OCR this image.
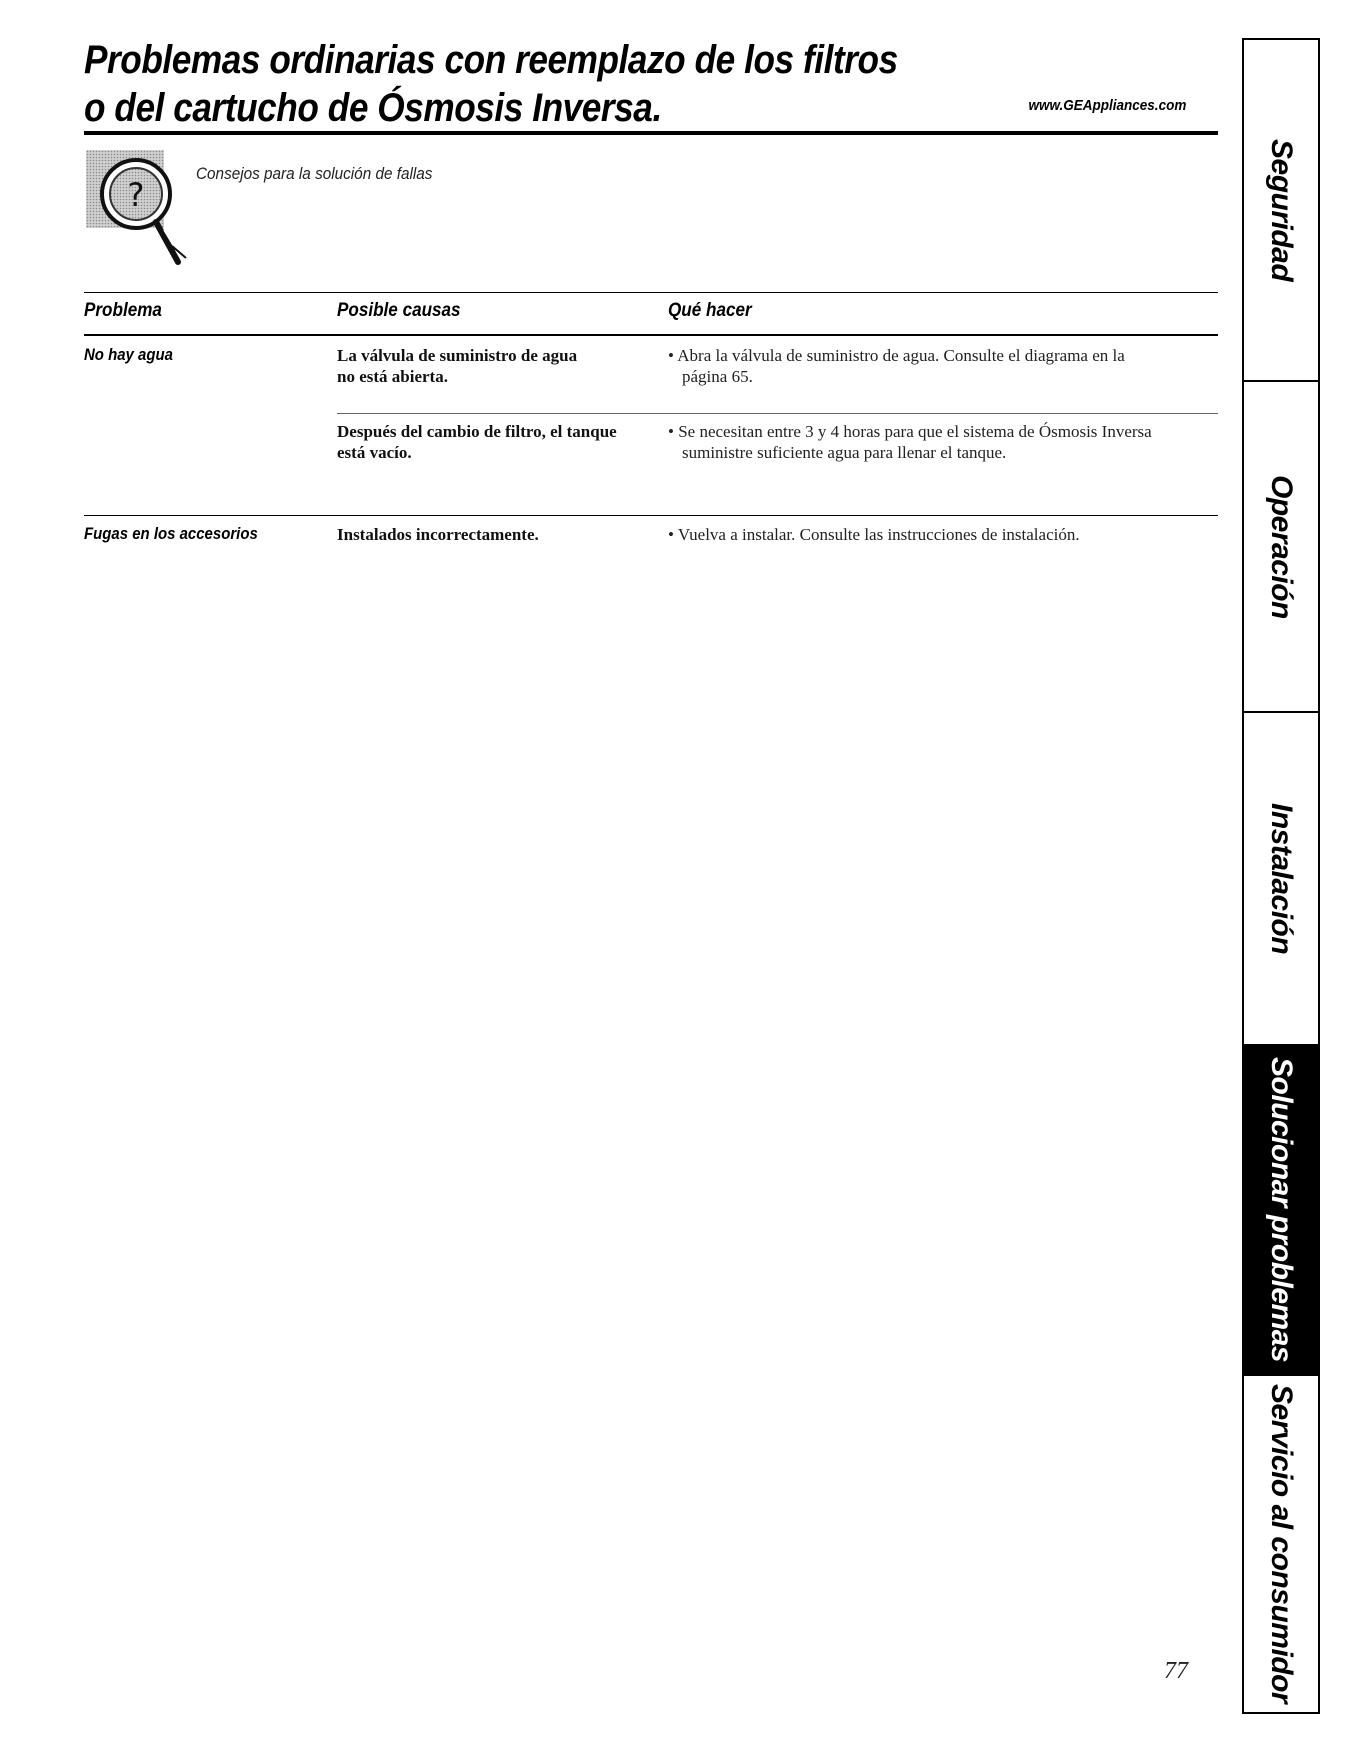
Problemas ordinarias con reemplazo de los filtros
o del cartucho de Ósmosis Inversa.	www.GEAppliances.com
?
Consejos para la solución de fallas
Problema	Posible causas	Qué hacer
No hay agua	La válvula de suministro de agua no está abierta.
• Abra la válvula de suministro de agua. Consulte el diagrama en la página 65.
Después del cambio de filtro, el tanque está vacío.
• Se necesitan entre 3 y 4 horas para que el sistema de Ósmosis Inversa suministre suficiente agua para llenar el tanque.
Fugas en los accesorios	Instalados incorrectamente.
•	Vuelva a instalar. Consulte las instrucciones de instalación.
77
Seguridad
Operación
Instalación
Solucionar problemas
Servicio al consumidor
